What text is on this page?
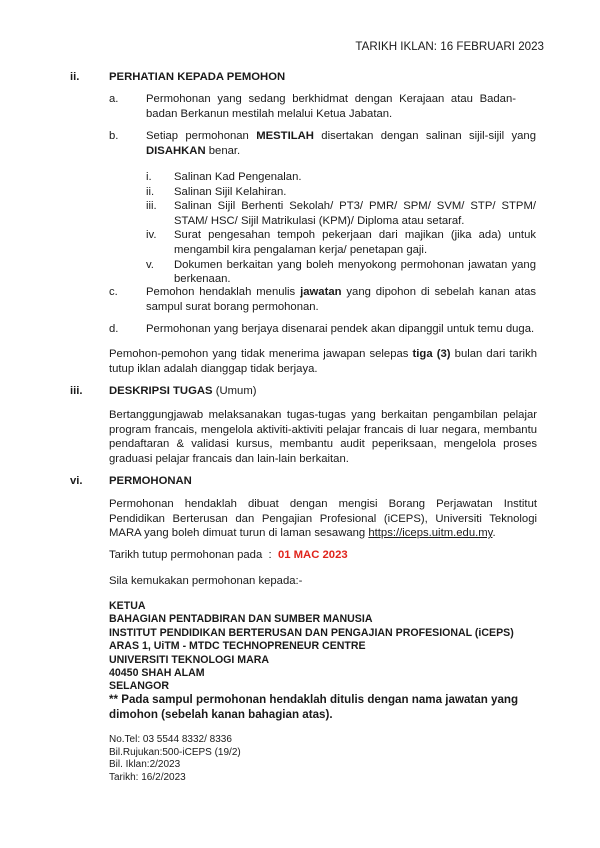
TARIKH IKLAN: 16 FEBRUARI 2023
ii.	PERHATIAN KEPADA PEMOHON
a. Permohonan yang sedang berkhidmat dengan Kerajaan atau Badan-badan Berkanun mestilah melalui Ketua Jabatan.
b. Setiap permohonan MESTILAH disertakan dengan salinan sijil-sijil yang DISAHKAN benar.
i. Salinan Kad Pengenalan.
ii. Salinan Sijil Kelahiran.
iii. Salinan Sijil Berhenti Sekolah/ PT3/ PMR/ SPM/ SVM/ STP/ STPM/ STAM/ HSC/ Sijil Matrikulasi (KPM)/ Diploma atau setaraf.
iv. Surat pengesahan tempoh pekerjaan dari majikan (jika ada) untuk mengambil kira pengalaman kerja/ penetapan gaji.
v. Dokumen berkaitan yang boleh menyokong permohonan jawatan yang berkenaan.
c. Pemohon hendaklah menulis jawatan yang dipohon di sebelah kanan atas sampul surat borang permohonan.
d. Permohonan yang berjaya disenarai pendek akan dipanggil untuk temu duga.
Pemohon-pemohon yang tidak menerima jawapan selepas tiga (3) bulan dari tarikh tutup iklan adalah dianggap tidak berjaya.
iii. DESKRIPSI TUGAS (Umum)
Bertanggungjawab melaksanakan tugas-tugas yang berkaitan pengambilan pelajar program francais, mengelola aktiviti-aktiviti pelajar francais di luar negara, membantu pendaftaran & validasi kursus, membantu audit peperiksaan, mengelola proses graduasi pelajar francais dan lain-lain berkaitan.
vi. PERMOHONAN
Permohonan hendaklah dibuat dengan mengisi Borang Perjawatan Institut Pendidikan Berterusan dan Pengajian Profesional (iCEPS), Universiti Teknologi MARA yang boleh dimuat turun di laman sesawang https://iceps.uitm.edu.my.
Tarikh tutup permohonan pada  :  01 MAC 2023
Sila kemukakan permohonan kepada:-
KETUA
BAHAGIAN PENTADBIRAN DAN SUMBER MANUSIA
INSTITUT PENDIDIKAN BERTERUSAN DAN PENGAJIAN PROFESIONAL (iCEPS)
ARAS 1, UiTM - MTDC TECHNOPRENEUR CENTRE
UNIVERSITI TEKNOLOGI MARA
40450 SHAH ALAM
SELANGOR
** Pada sampul permohonan hendaklah ditulis dengan nama jawatan yang dimohon (sebelah kanan bahagian atas).
No.Tel: 03 5544 8332/ 8336
Bil.Rujukan:500-iCEPS (19/2)
Bil. Iklan:2/2023
Tarikh: 16/2/2023
